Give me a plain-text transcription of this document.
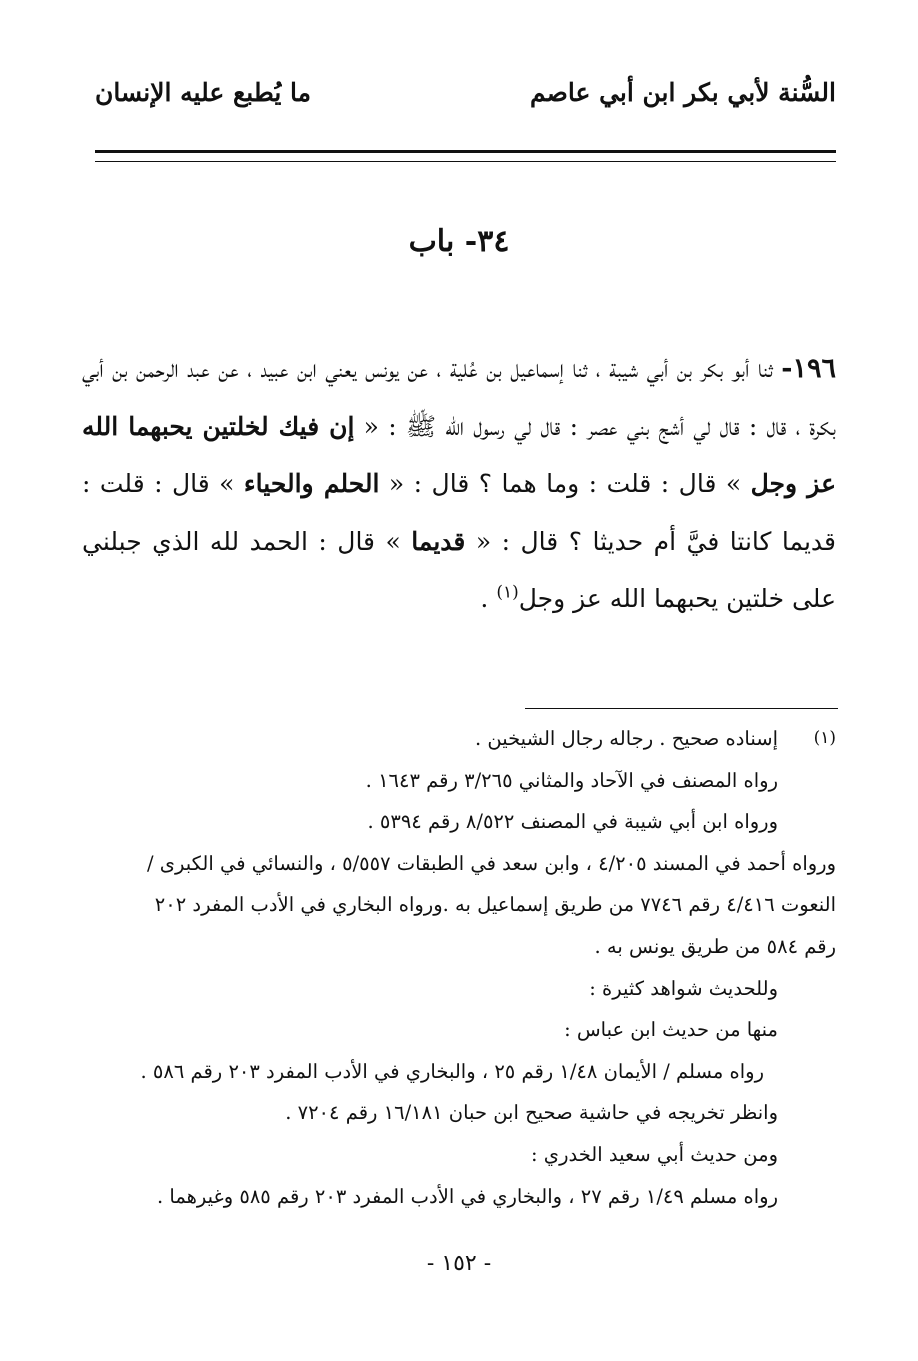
السُّنة لأبي بكر ابن أبي عاصم
ما يُطبع عليه الإنسان
٣٤- باب

١٩٦- ثنا أبو بكر بن أبي شيبة ، ثنا إسماعيل بن عُلية ، عن يونس يعني ابن عبيد ، عن عبد الرحمن بن أبي بكرة ، قال : قال لي أشج بني عصر : قال لي رسول الله ﷺ : « إن فيك لخلتين يحبهما الله عز وجل » قال : قلت : وما هما ؟ قال : « الحلم والحياء » قال : قلت : قديما كانتا فيَّ أم حديثا ؟ قال : « قديما » قال : الحمد لله الذي جبلني على خلتين يحبهما الله عز وجل$^{(١)}$ .

(١)
إسناده صحيح . رجاله رجال الشيخين .

رواه المصنف في الآحاد والمثاني ٣/٢٦٥ رقم ١٦٤٣ .

ورواه ابن أبي شيبة في المصنف ٨/٥٢٢ رقم ٥٣٩٤ .

ورواه أحمد في المسند ٤/٢٠٥ ، وابن سعد في الطبقات ٥/٥٥٧ ، والنسائي في الكبرى /

النعوت ٤/٤١٦ رقم ٧٧٤٦ من طريق إسماعيل به .ورواه البخاري في الأدب المفرد ٢٠٢

رقم ٥٨٤ من طريق يونس به .

وللحديث شواهد كثيرة :

منها من حديث ابن عباس :

رواه مسلم / الأيمان ١/٤٨ رقم ٢٥ ، والبخاري في الأدب المفرد ٢٠٣ رقم ٥٨٦ .

وانظر تخريجه في حاشية صحيح ابن حبان ١٦/١٨١ رقم ٧٢٠٤ .

ومن حديث أبي سعيد الخدري :

رواه مسلم ١/٤٩ رقم ٢٧ ، والبخاري في الأدب المفرد ٢٠٣ رقم ٥٨٥ وغيرهما .

- ١٥٢ -
